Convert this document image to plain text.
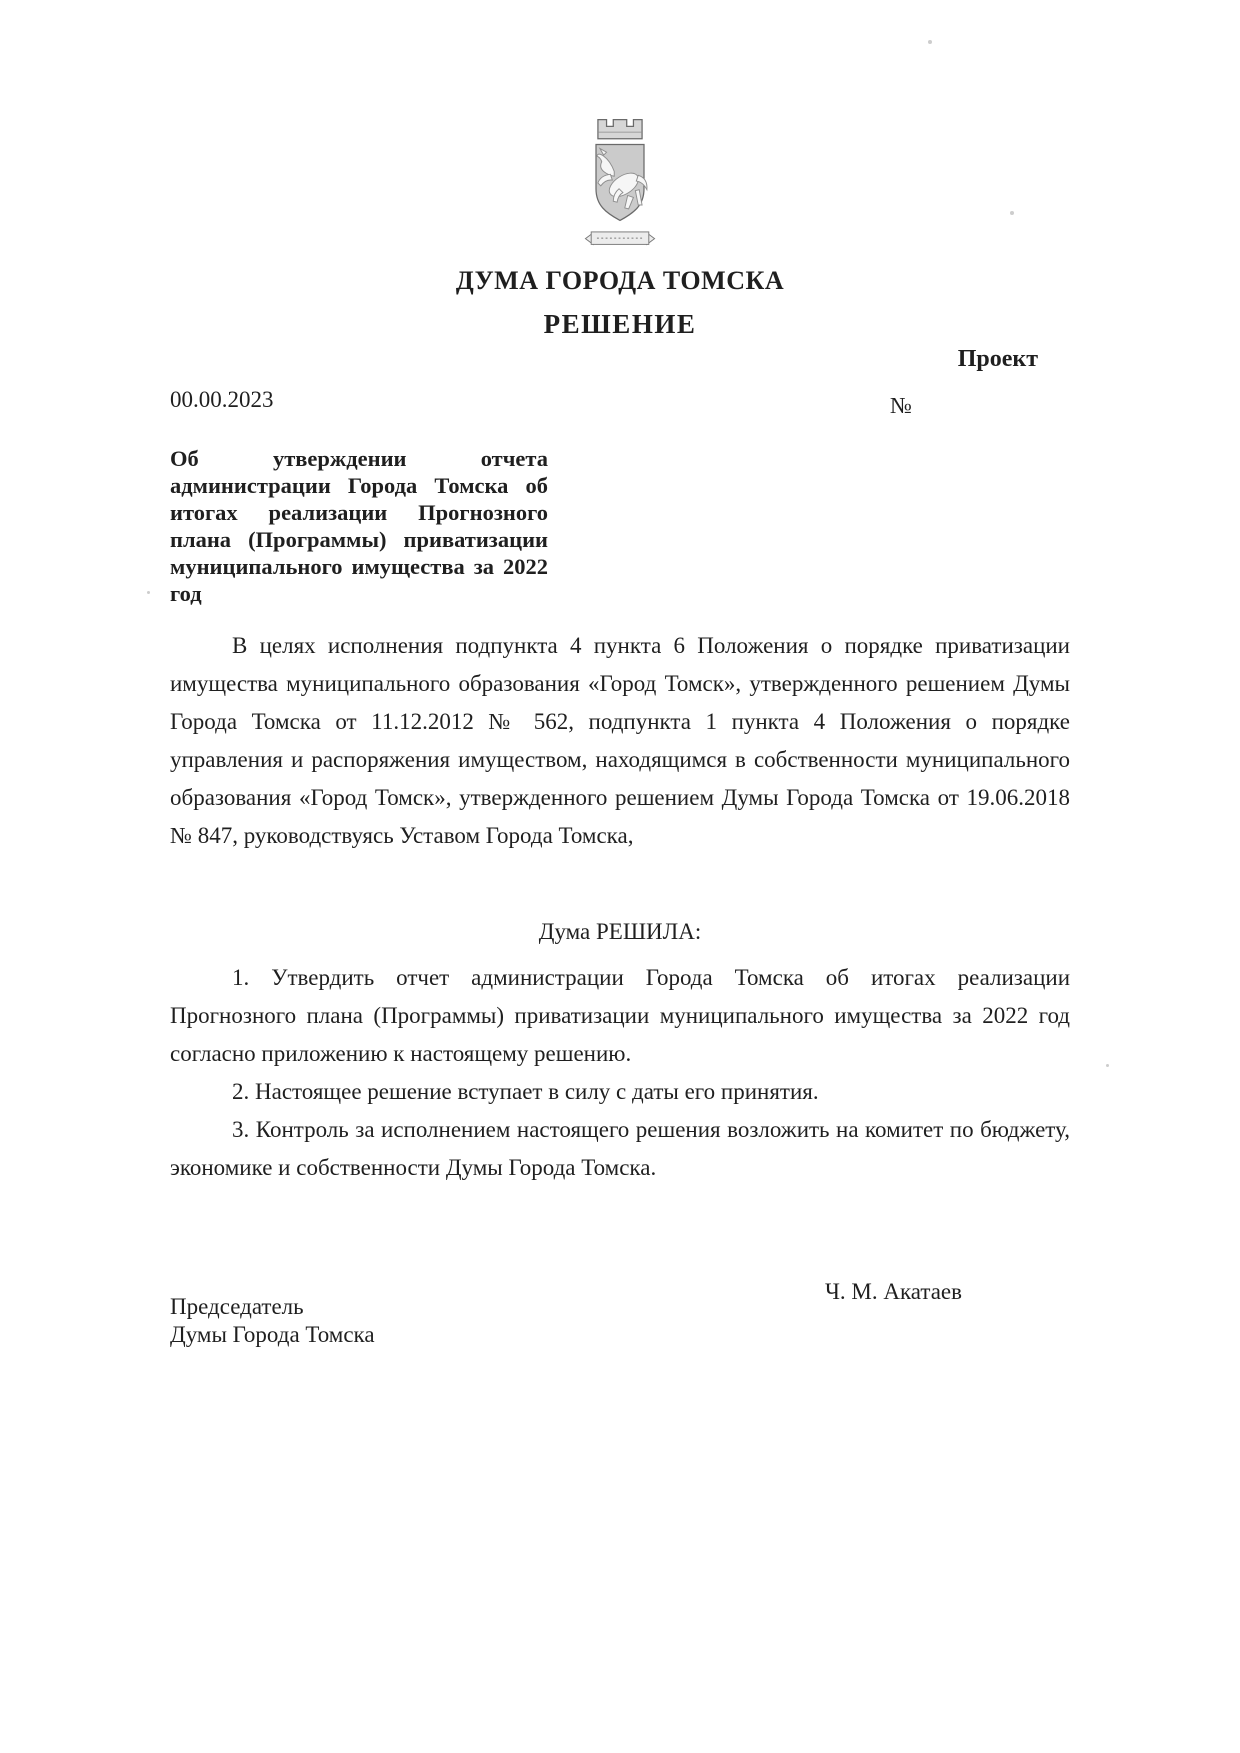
ДУМА ГОРОДА ТОМСКА
РЕШЕНИЕ
Проект
00.00.2023	№
Об утверждении отчета администрации Города Томска об итогах реализации Прогнозного плана (Программы) приватизации муниципального имущества за 2022 год

В целях исполнения подпункта 4 пункта 6 Положения о порядке приватизации имущества муниципального образования «Город Томск», утвержденного решением Думы Города Томска от 11.12.2012 № 562, подпункта 1 пункта 4 Положения о порядке управления и распоряжения имуществом, находящимся в собственности муниципального образования «Город Томск», утвержденного решением Думы Города Томска от 19.06.2018 № 847, руководствуясь Уставом Города Томска,

Дума РЕШИЛА:

1. Утвердить отчет администрации Города Томска об итогах реализации Прогнозного плана (Программы) приватизации муниципального имущества за 2022 год согласно приложению к настоящему решению.

2. Настоящее решение вступает в силу с даты его принятия.

3. Контроль за исполнением настоящего решения возложить на комитет по бюджету, экономике и собственности Думы Города Томска.

Председатель
Думы Города Томска
Ч. М. Акатаев
